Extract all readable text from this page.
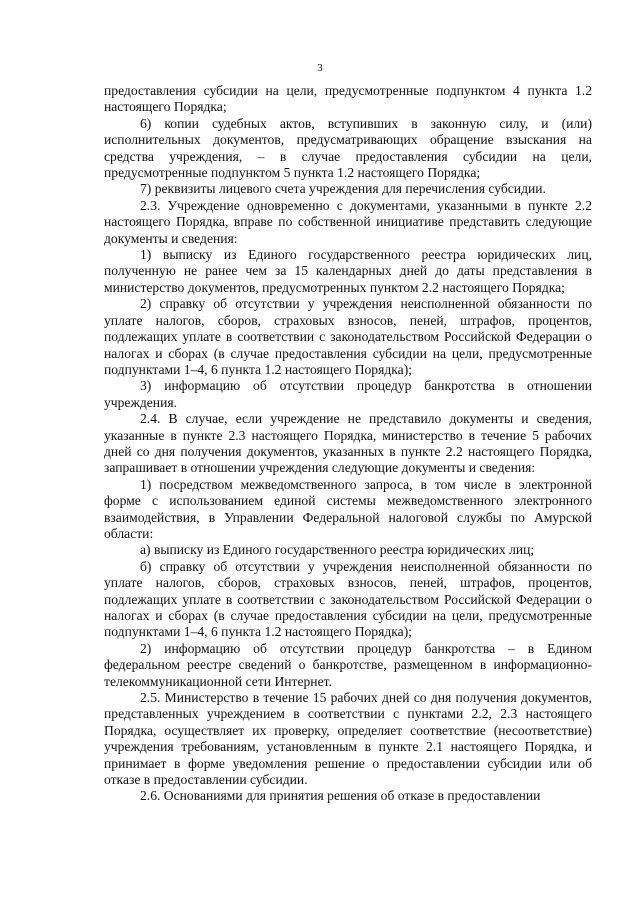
3

предоставления субсидии на цели, предусмотренные подпунктом 4 пункта 1.2 настоящего Порядка;

6) копии судебных актов, вступивших в законную силу, и (или) исполнительных документов, предусматривающих обращение взыскания на средства учреждения, – в случае предоставления субсидии на цели, предусмотренные подпунктом 5 пункта 1.2 настоящего Порядка;

7) реквизиты лицевого счета учреждения для перечисления субсидии.

2.3. Учреждение одновременно с документами, указанными в пункте 2.2 настоящего Порядка, вправе по собственной инициативе представить следующие документы и сведения:

1) выписку из Единого государственного реестра юридических лиц, полученную не ранее чем за 15 календарных дней до даты представления в министерство документов, предусмотренных пунктом 2.2 настоящего Порядка;

2) справку об отсутствии у учреждения неисполненной обязанности по уплате налогов, сборов, страховых взносов, пеней, штрафов, процентов, подлежащих уплате в соответствии с законодательством Российской Федерации о налогах и сборах (в случае предоставления субсидии на цели, предусмотренные подпунктами 1–4, 6 пункта 1.2 настоящего Порядка);

3) информацию об отсутствии процедур банкротства в отношении учреждения.

2.4. В случае, если учреждение не представило документы и сведения, указанные в пункте 2.3 настоящего Порядка, министерство в течение 5 рабочих дней со дня получения документов, указанных в пункте 2.2 настоящего Порядка, запрашивает в отношении учреждения следующие документы и сведения:

1) посредством межведомственного запроса, в том числе в электронной форме с использованием единой системы межведомственного электронного взаимодействия, в Управлении Федеральной налоговой службы по Амурской области:

а) выписку из Единого государственного реестра юридических лиц;

б) справку об отсутствии у учреждения неисполненной обязанности по уплате налогов, сборов, страховых взносов, пеней, штрафов, процентов, подлежащих уплате в соответствии с законодательством Российской Федерации о налогах и сборах (в случае предоставления субсидии на цели, предусмотренные подпунктами 1–4, 6 пункта 1.2 настоящего Порядка);

2) информацию об отсутствии процедур банкротства – в Едином федеральном реестре сведений о банкротстве, размещенном в информационно-телекоммуникационной сети Интернет.

2.5. Министерство в течение 15 рабочих дней со дня получения документов, представленных учреждением в соответствии с пунктами 2.2, 2.3 настоящего Порядка, осуществляет их проверку, определяет соответствие (несоответствие) учреждения требованиям, установленным в пункте 2.1 настоящего Порядка, и принимает в форме уведомления решение о предоставлении субсидии или об отказе в предоставлении субсидии.

2.6. Основаниями для принятия решения об отказе в предоставлении
